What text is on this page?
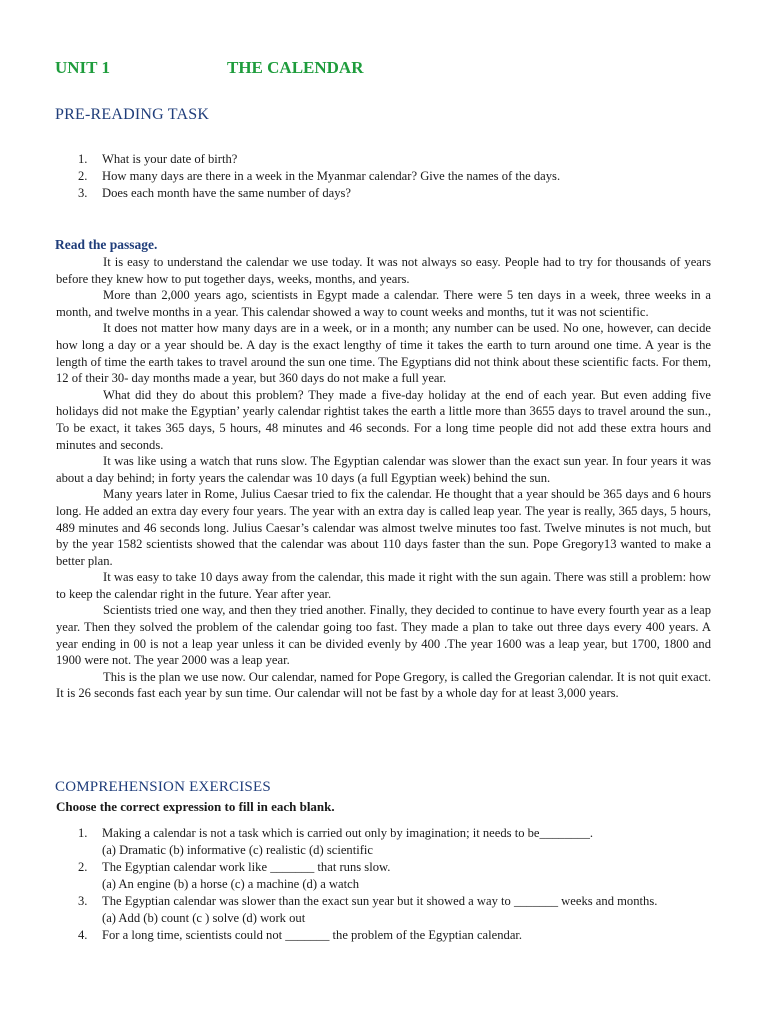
UNIT 1	THE CALENDAR
PRE-READING TASK
1. What is your date of birth?
2. How many days are there in a week in the Myanmar calendar? Give the names of the days.
3. Does each month have the same number of days?
Read the passage.

It is easy to understand the calendar we use today. It was not always so easy. People had to try for thousands of years before they knew how to put together days, weeks, months, and years.

More than 2,000 years ago, scientists in Egypt made a calendar. There were 5 ten days in a week, three weeks in a month, and twelve months in a year. This calendar showed a way to count weeks and months, tut it was not scientific.

It does not matter how many days are in a week, or in a month; any number can be used. No one, however, can decide how long a day or a year should be. A day is the exact lengthy of time it takes the earth to turn around one time. A year is the length of time the earth takes to travel around the sun one time. The Egyptians did not think about these scientific facts. For them, 12 of their 30- day months made a year, but 360 days do not make a full year.

What did they do about this problem? They made a five-day holiday at the end of each year. But even adding five holidays did not make the Egyptian’ yearly calendar rightist takes the earth a little more than 3655 days to travel around the sun., To be exact, it takes 365 days, 5 hours, 48 minutes and 46 seconds. For a long time people did not add these extra hours and minutes and seconds.

It was like using a watch that runs slow. The Egyptian calendar was slower than the exact sun year. In four years it was about a day behind; in forty years the calendar was 10 days (a full Egyptian week) behind the sun.

Many years later in Rome, Julius Caesar tried to fix the calendar. He thought that a year should be 365 days and 6 hours long. He added an extra day every four years. The year with an extra day is called leap year. The year is really, 365 days, 5 hours, 489 minutes and 46 seconds long. Julius Caesar’s calendar was almost twelve minutes too fast. Twelve minutes is not much, but by the year 1582 scientists showed that the calendar was about 110 days faster than the sun. Pope Gregory13 wanted to make a better plan.

It was easy to take 10 days away from the calendar, this made it right with the sun again. There was still a problem: how to keep the calendar right in the future. Year after year.

Scientists tried one way, and then they tried another. Finally, they decided to continue to have every fourth year as a leap year. Then they solved the problem of the calendar going too fast. They made a plan to take out three days every 400 years. A year ending in 00 is not a leap year unless it can be divided evenly by 400 .The year 1600 was a leap year, but 1700, 1800 and 1900 were not. The year 2000 was a leap year.

This is the plan we use now. Our calendar, named for Pope Gregory, is called the Gregorian calendar. It is not quit exact. It is 26 seconds fast each year by sun time. Our calendar will not be fast by a whole day for at least 3,000 years.

COMPREHENSION EXERCISES
Choose the correct expression to fill in each blank.
1. Making a calendar is not a task which is carried out only by imagination; it needs to be________.
(a) Dramatic (b) informative (c) realistic (d) scientific
2. The Egyptian calendar work like _______ that runs slow.
(a) An engine (b) a horse (c) a machine (d) a watch
3. The Egyptian calendar was slower than the exact sun year but it showed a way to _______ weeks and months.
(a) Add (b) count (c ) solve (d) work out
4. For a long time, scientists could not _______ the problem of the Egyptian calendar.
